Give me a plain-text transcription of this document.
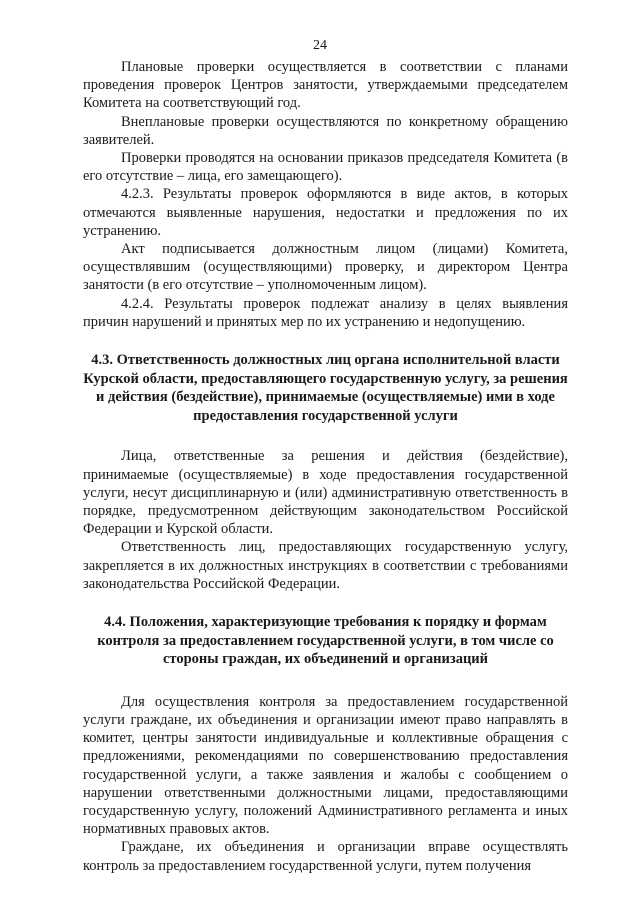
24

Плановые проверки осуществляется в соответствии с планами проведения проверок Центров занятости, утверждаемыми председателем Комитета на соответствующий год.

Внеплановые проверки осуществляются по конкретному обращению заявителей.

Проверки проводятся на основании приказов председателя Комитета (в его отсутствие – лица, его замещающего).

4.2.3. Результаты проверок оформляются в виде актов, в которых отмечаются выявленные нарушения, недостатки и предложения по их устранению.

Акт подписывается должностным лицом (лицами) Комитета, осуществлявшим (осуществляющими) проверку, и директором Центра занятости (в его отсутствие – уполномоченным лицом).

4.2.4. Результаты проверок подлежат анализу в целях выявления причин нарушений и принятых мер по их устранению и недопущению.

4.3. Ответственность должностных лиц органа исполнительной власти Курской области, предоставляющего государственную услугу, за решения и действия (бездействие), принимаемые (осуществляемые) ими в ходе предоставления государственной услуги

Лица, ответственные за решения и действия (бездействие), принимаемые (осуществляемые) в ходе предоставления государственной услуги, несут дисциплинарную и (или) административную ответственность в порядке, предусмотренном действующим законодательством Российской Федерации и Курской области.

Ответственность лиц, предоставляющих государственную услугу, закрепляется в их должностных инструкциях в соответствии с требованиями законодательства Российской Федерации.

4.4. Положения, характеризующие требования к порядку и формам контроля за предоставлением государственной услуги, в том числе со стороны граждан, их объединений и организаций

Для осуществления контроля за предоставлением государственной услуги граждане, их объединения и организации имеют право направлять в комитет, центры занятости индивидуальные и коллективные обращения с предложениями, рекомендациями по совершенствованию предоставления государственной услуги, а также заявления и жалобы с сообщением о нарушении ответственными должностными лицами, предоставляющими государственную услугу, положений Административного регламента и иных нормативных правовых актов.

Граждане, их объединения и организации вправе осуществлять контроль за предоставлением государственной услуги, путем получения
